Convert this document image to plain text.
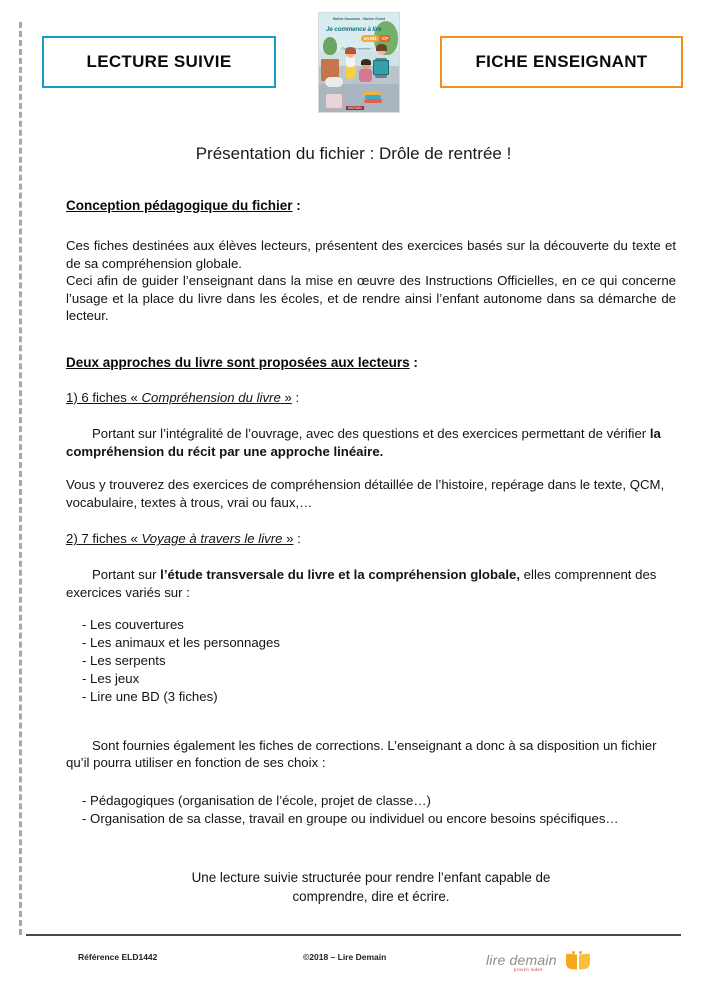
LECTURE SUIVIE	FICHE ENSEIGNANT
Mathis Naumann - Marion Girard
Je commence à lire
en BD	CP
Drôle de rentrée !
NATHAN
Présentation du fichier : Drôle de rentrée !
Conception pédagogique du fichier :

Ces fiches destinées aux élèves lecteurs, présentent des exercices basés sur la découverte du texte et de sa compréhension globale.

Ceci afin de guider l’enseignant dans la mise en œuvre des Instructions Officielles, en ce qui concerne l’usage et la place du livre dans les écoles, et de rendre ainsi l’enfant autonome dans sa démarche de lecteur.

Deux approches du livre sont proposées aux lecteurs :

1) 6 fiches « Compréhension du livre » :

Portant sur l’intégralité de l’ouvrage, avec des questions et des exercices permettant de vérifier la compréhension du récit par une approche linéaire.

Vous y trouverez des exercices de compréhension détaillée de l’histoire, repérage dans le texte, QCM, vocabulaire, textes à trous, vrai ou faux,…

2) 7 fiches « Voyage à travers le livre » :

Portant sur l’étude transversale du livre et la compréhension globale, elles comprennent des exercices variés sur :

- Les couvertures
- Les animaux et les personnages
- Les serpents
- Les jeux
- Lire une BD (3 fiches)

Sont fournies également les fiches de corrections. L’enseignant a donc à sa disposition un fichier qu’il pourra utiliser en fonction de ses choix :

- Pédagogiques (organisation de l’école, projet de classe…)
- Organisation de sa classe, travail en groupe ou individuel ou encore besoins spécifiques…

Une lecture suivie structurée pour rendre l’enfant capable de

comprendre, dire et écrire.

Référence ELD1442	©2018 – Lire Demain	lire demain
proven ludes
